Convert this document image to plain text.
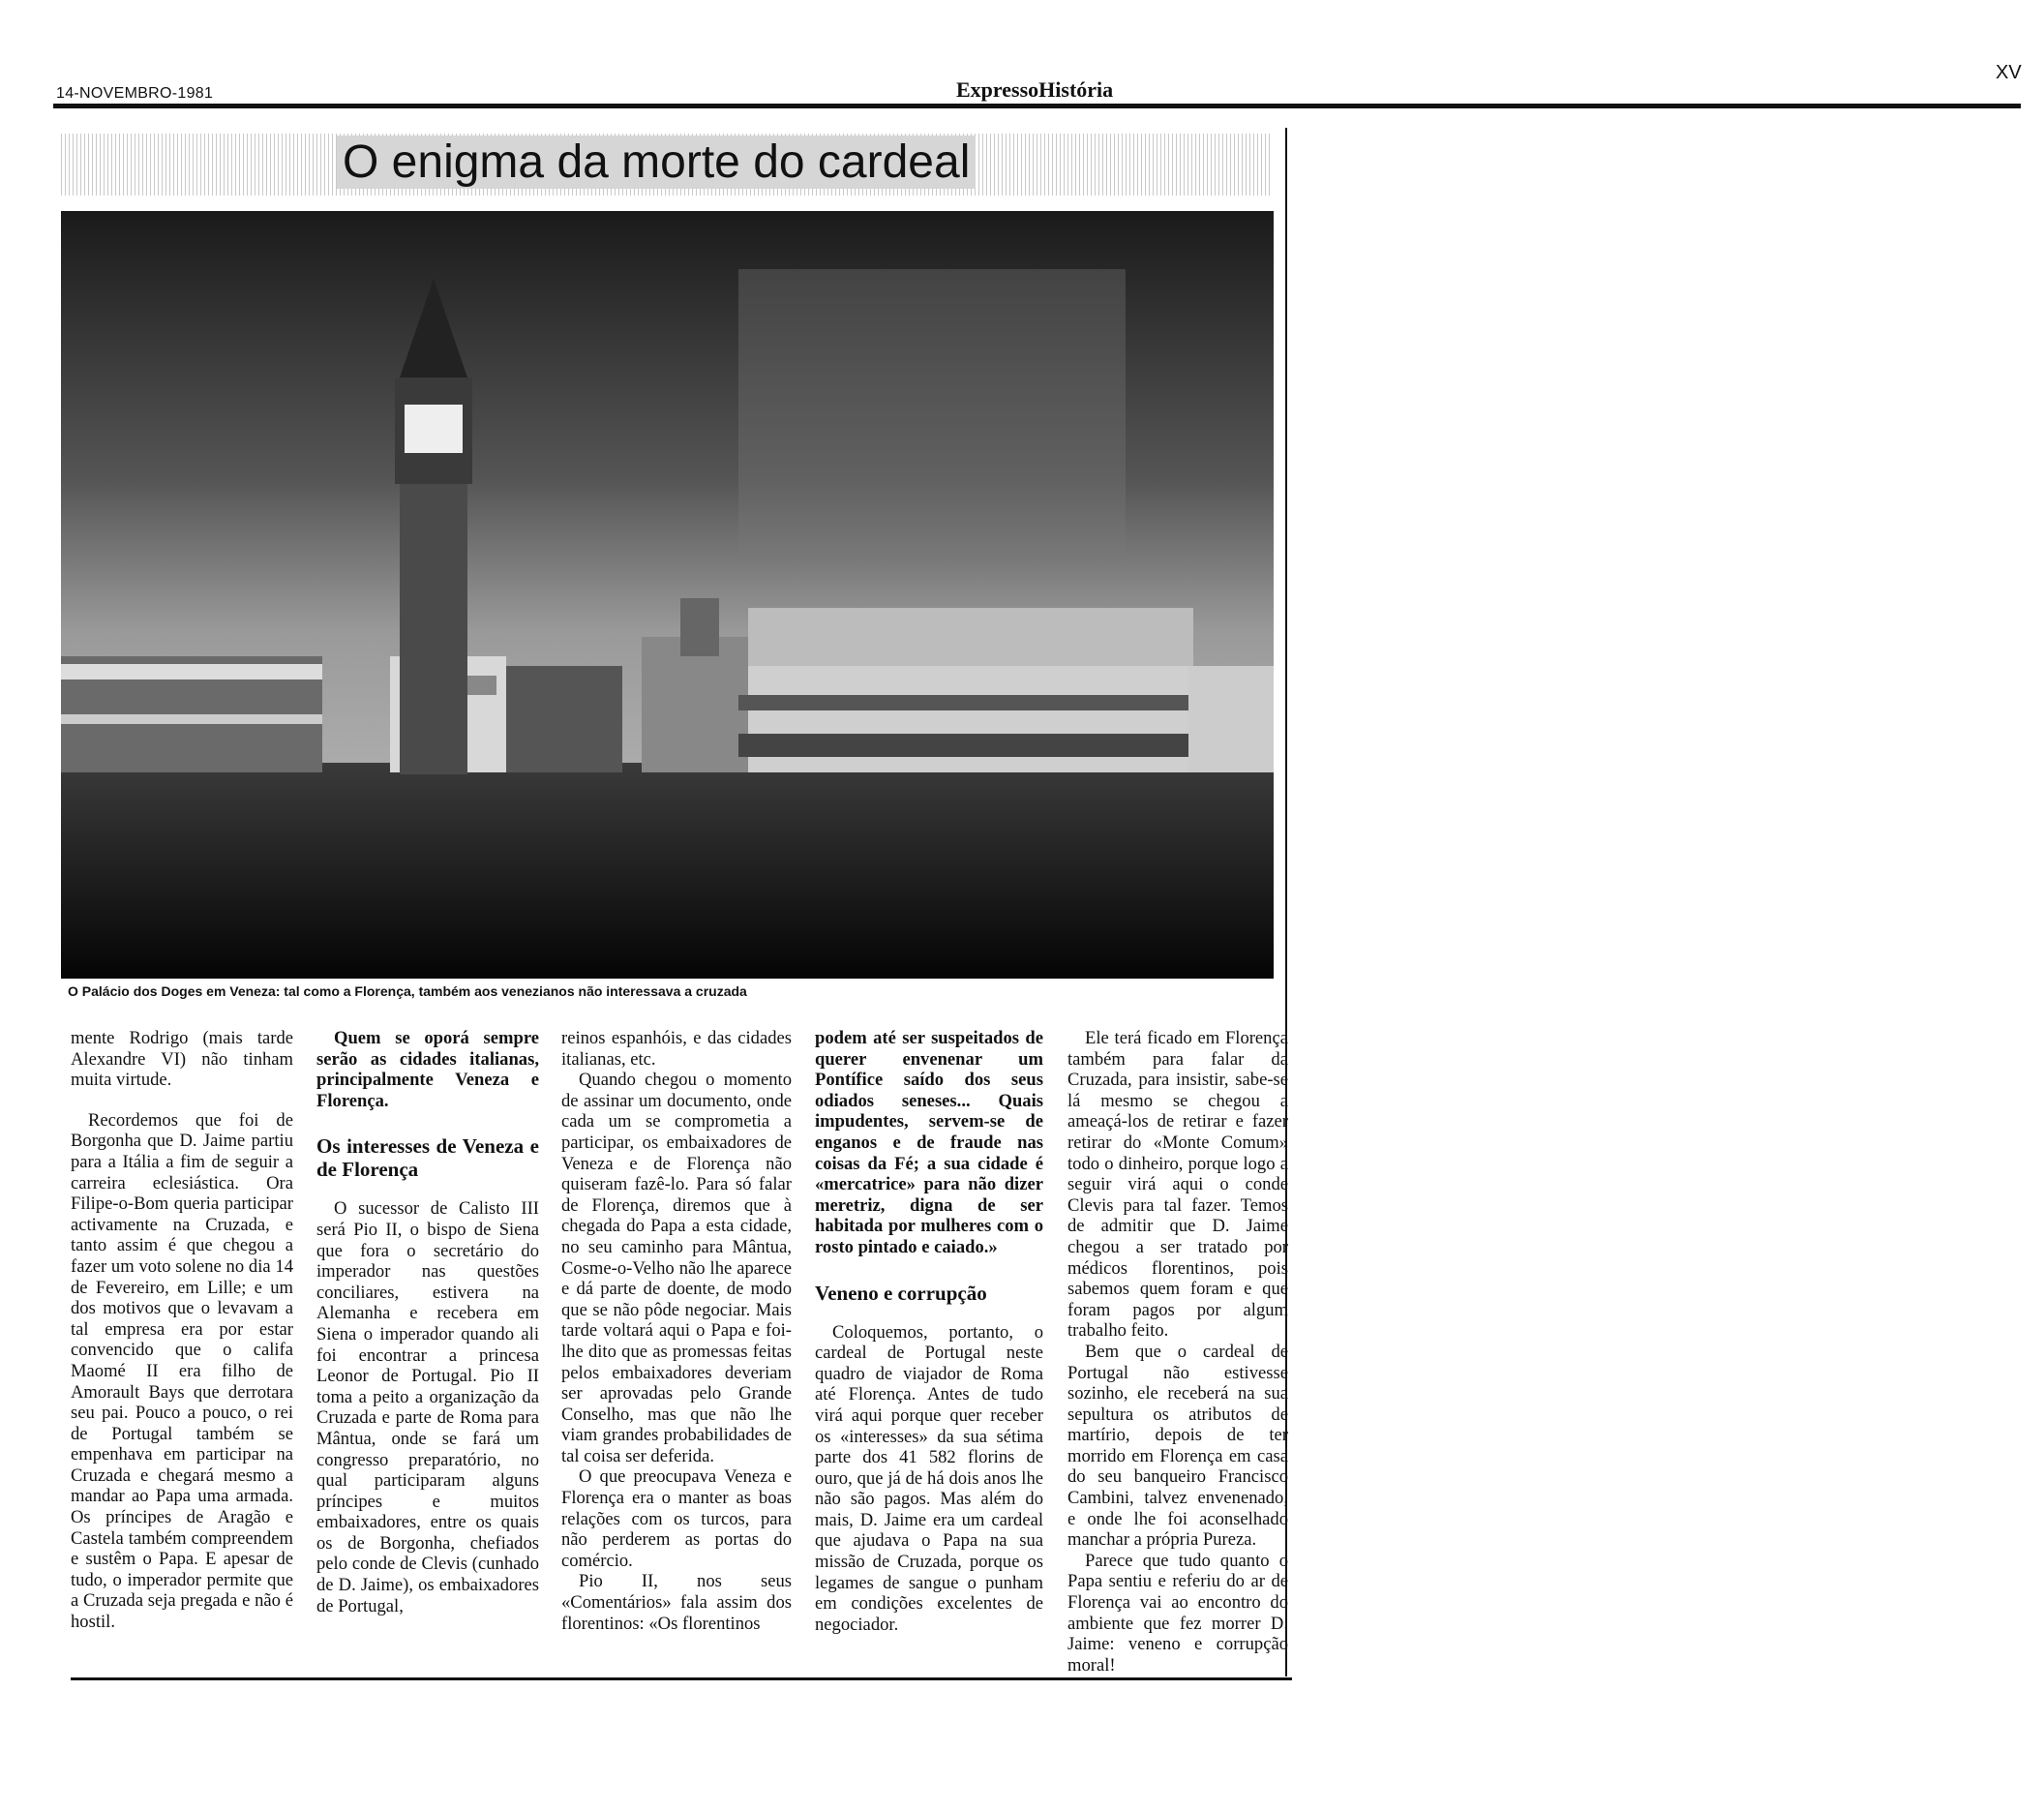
14-NOVEMBRO-1981	ExpressoHistória
XV
O enigma da morte do cardeal
O Palácio dos Doges em Veneza: tal como a Florença, também aos venezianos não interessava a cruzada

mente Rodrigo (mais tarde Alexandre VI) não tinham muita virtude.

Recordemos que foi de Borgonha que D. Jaime partiu para a Itália a fim de seguir a carreira eclesiástica. Ora Filipe-o-Bom queria participar activamente na Cruzada, e tanto assim é que chegou a fazer um voto solene no dia 14 de Fevereiro, em Lille; e um dos motivos que o levavam a tal empresa era por estar convencido que o califa Maomé II era filho de Amorault Bays que derrotara seu pai. Pouco a pouco, o rei de Portugal também se empenhava em participar na Cruzada e chegará mesmo a mandar ao Papa uma armada. Os príncipes de Aragão e Castela também compreendem e sustêm o Papa. E apesar de tudo, o imperador permite que a Cruzada seja pregada e não é hostil.

Quem se oporá sempre serão as cidades italianas, principalmente Veneza e Florença.

Os interesses de Veneza e de Florença

O sucessor de Calisto III será Pio II, o bispo de Siena que fora o secretário do imperador nas questões conciliares, estivera na Alemanha e recebera em Siena o imperador quando ali foi encontrar a princesa Leonor de Portugal. Pio II toma a peito a organização da Cruzada e parte de Roma para Mântua, onde se fará um congresso preparatório, no qual participaram alguns príncipes e muitos embaixadores, entre os quais os de Borgonha, chefiados pelo conde de Clevis (cunhado de D. Jaime), os embaixadores de Portugal,

reinos espanhóis, e das cidades italianas, etc.

Quando chegou o momento de assinar um documento, onde cada um se comprometia a participar, os embaixadores de Veneza e de Florença não quiseram fazê-lo. Para só falar de Florença, diremos que à chegada do Papa a esta cidade, no seu caminho para Mântua, Cosme-o-Velho não lhe aparece e dá parte de doente, de modo que se não pôde negociar. Mais tarde voltará aqui o Papa e foi-lhe dito que as promessas feitas pelos embaixadores deveriam ser aprovadas pelo Grande Conselho, mas que não lhe viam grandes probabilidades de tal coisa ser deferida.

O que preocupava Veneza e Florença era o manter as boas relações com os turcos, para não perderem as portas do comércio.

Pio II, nos seus «Comentários» fala assim dos florentinos: «Os florentinos

podem até ser suspeitados de querer envenenar um Pontífice saído dos seus odiados seneses... Quais impudentes, servem-se de enganos e de fraude nas coisas da Fé; a sua cidade é «mercatrice» para não dizer meretriz, digna de ser habitada por mulheres com o rosto pintado e caiado.»

Veneno e corrupção

Coloquemos, portanto, o cardeal de Portugal neste quadro de viajador de Roma até Florença. Antes de tudo virá aqui porque quer receber os «interesses» da sua sétima parte dos 41 582 florins de ouro, que já de há dois anos lhe não são pagos. Mas além do mais, D. Jaime era um cardeal que ajudava o Papa na sua missão de Cruzada, porque os legames de sangue o punham em condições excelentes de negociador.

Ele terá ficado em Florença também para falar da Cruzada, para insistir, sabe-se lá mesmo se chegou a ameaçá-los de retirar e fazer retirar do «Monte Comum» todo o dinheiro, porque logo a seguir virá aqui o conde Clevis para tal fazer. Temos de admitir que D. Jaime chegou a ser tratado por médicos florentinos, pois sabemos quem foram e que foram pagos por algum trabalho feito.

Bem que o cardeal de Portugal não estivesse sozinho, ele receberá na sua sepultura os atributos de martírio, depois de ter morrido em Florença em casa do seu banqueiro Francisco Cambini, talvez envenenado, e onde lhe foi aconselhado manchar a própria Pureza.

Parece que tudo quanto o Papa sentiu e referiu do ar de Florença vai ao encontro do ambiente que fez morrer D. Jaime: veneno e corrupção moral!
